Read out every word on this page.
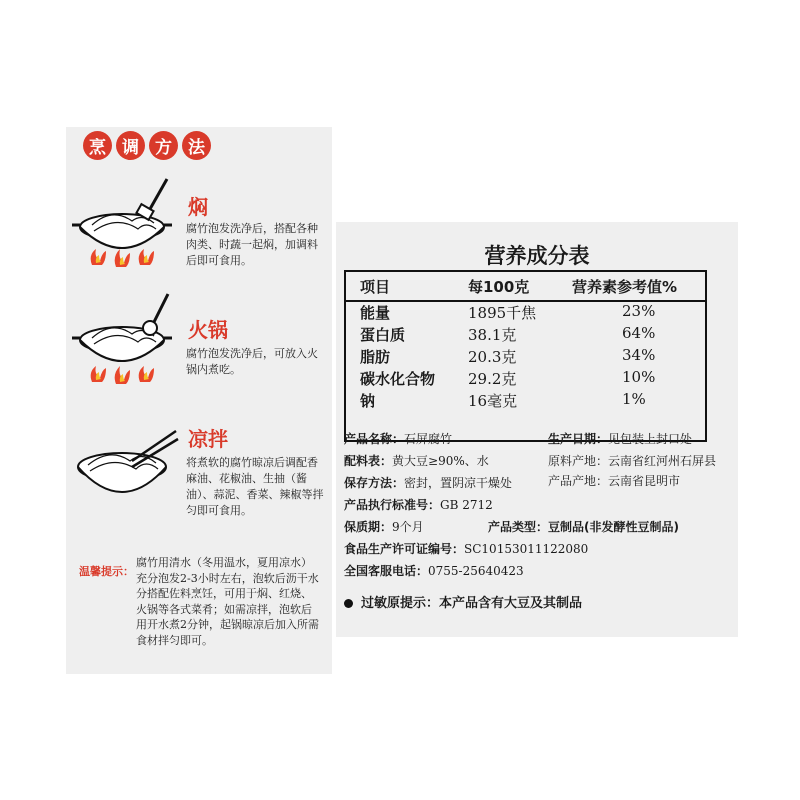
烹 调 方 法
焖
腐竹泡发洗净后，搭配各种肉类、时蔬一起焖，加调料后即可食用。
火锅
腐竹泡发洗净后，可放入火锅内煮吃。
凉拌
将煮软的腐竹晾凉后调配香麻油、花椒油、生抽（酱油）、蒜泥、香菜、辣椒等拌匀即可食用。
温馨提示：
腐竹用清水（冬用温水，夏用凉水）充分泡发2-3小时左右，泡软后沥干水分搭配佐料烹饪，可用于焖、红烧、火锅等各式菜肴；如需凉拌，泡软后用开水煮2分钟，起锅晾凉后加入所需食材拌匀即可。
营养成分表
项目	每100克	营养素参考值%
能量	1895千焦	23%
蛋白质	38.1克	64%
脂肪	20.3克	34%
碳水化合物 29.2克	10%
钠	16毫克	1%
产品名称：石屏腐竹	生产日期：见包装上封口处
配料表：黄大豆≥90%、水	原料产地：云南省红河州石屏县
产品产地：云南省昆明市
保存方法：密封，置阴凉干燥处
产品执行标准号：GB 2712
保质期：9个月	产品类型：豆制品(非发酵性豆制品)
食品生产许可证编号：SC10153011122080
全国客服电话：0755-25640423
过敏原提示：本产品含有大豆及其制品
